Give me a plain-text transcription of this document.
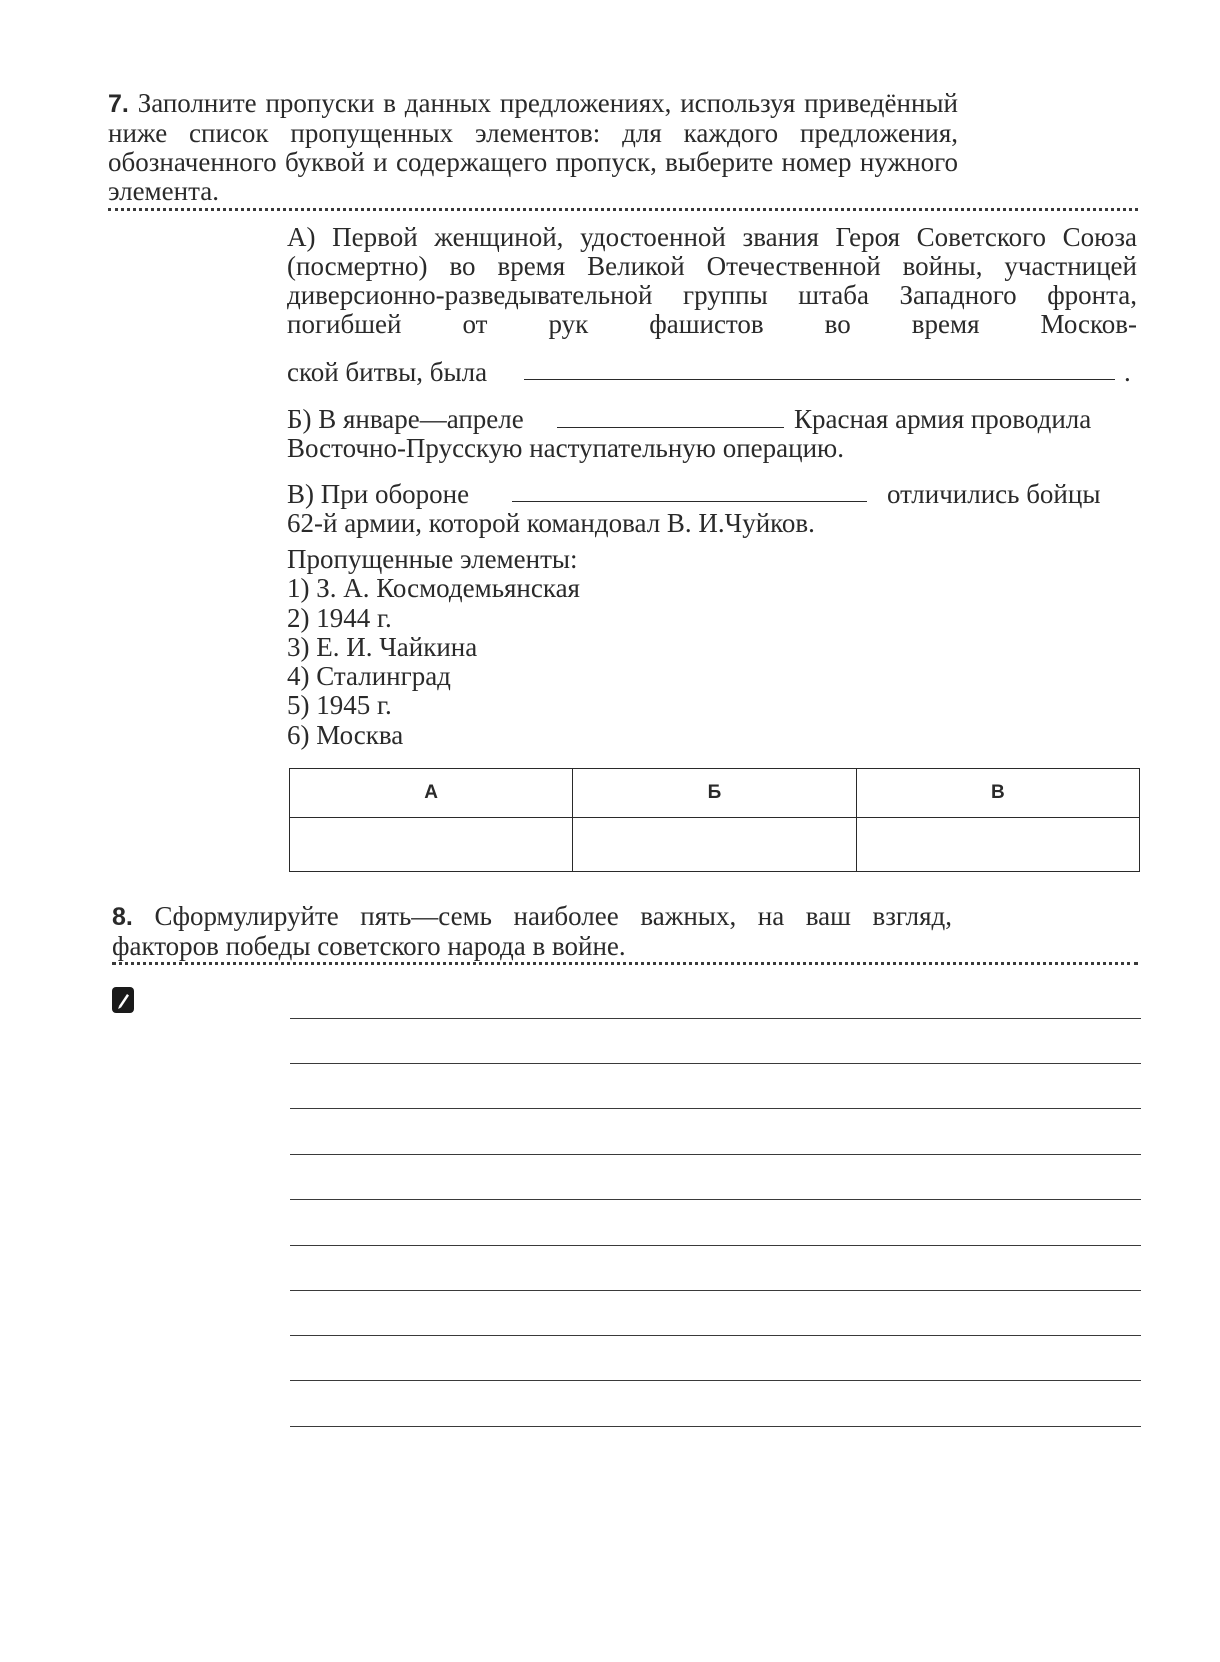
7. Заполните пропуски в данных предложениях, используя приведённый ниже список пропущенных элементов: для каждого предложения, обозначенного буквой и содержащего пропуск, выберите номер нужного элемента.
А) Первой женщиной, удостоенной звания Героя Советского Союза (посмертно) во время Великой Отечественной войны, участницей диверсионно-разведывательной группы штаба Западного фронта, погибшей от рук фашистов во время Москов-
ской битвы, была	.
Б) В январе—апреле	Красная армия проводила
Восточно-Прусскую наступательную операцию.
В) При обороне	отличились бойцы
62-й армии, которой командовал В. И.Чуйков.
Пропущенные элементы:
1) З. А. Космодемьянская
2) 1944 г.
3) Е. И. Чайкина
4) Сталинград
5) 1945 г.
6) Москва
А	Б	В

8. Сформулируйте пять—семь наиболее важных, на ваш взгляд, факторов победы советского народа в войне.
